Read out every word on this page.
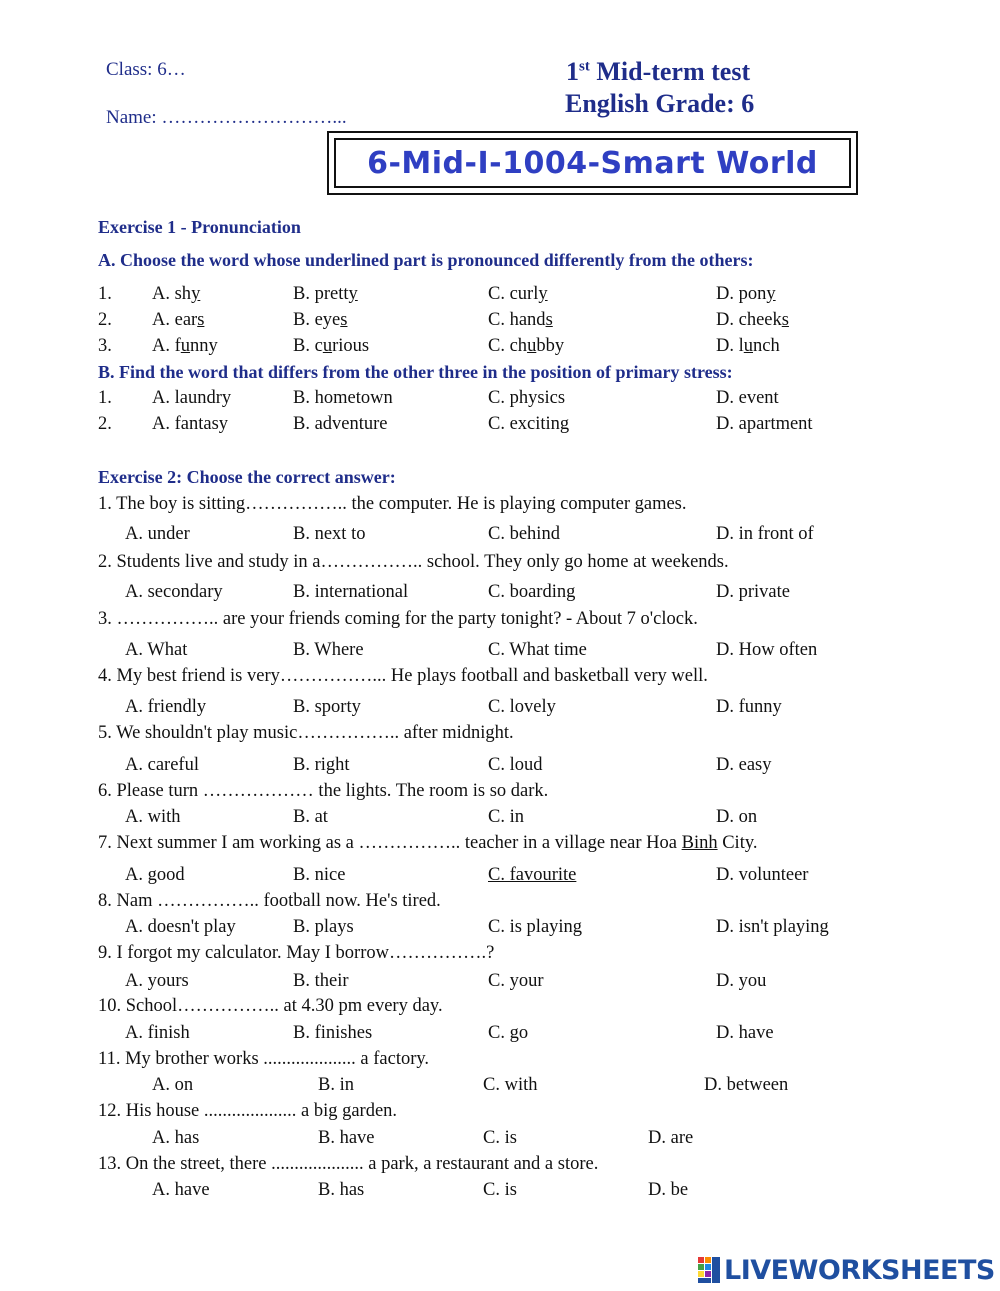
Class: 6…
Name: ………………………...
1st Mid-term test
English Grade: 6
6-Mid-I-1004-Smart World
Exercise 1 - Pronunciation
A. Choose the word whose underlined part is pronounced differently from the others:
1. A. shy	B. pretty	C. curly	D. pony
2. A. ears	B. eyes	C. hands	D. cheeks
3. A. funny	B. curious	C. chubby	D. lunch
B. Find the word that differs from the other three in the position of primary stress:
1. A. laundry	B. hometown	C. physics	D. event
2. A. fantasy	B. adventure	C. exciting	D. apartment
Exercise 2: Choose the correct answer:
1. The boy is sitting…………….. the computer. He is playing computer games.
A. under	B. next to	C. behind	D. in front of
2. Students live and study in a…………….. school. They only go home at weekends.
A. secondary	B. international	C. boarding	D. private
3. …………….. are your friends coming for the party tonight? - About 7 o'clock.
A. What	B. Where	C. What time	D. How often
4. My best friend is very……………... He plays football and basketball very well.
A. friendly	B. sporty	C. lovely	D. funny
5. We shouldn't play music…………….. after midnight.
A. careful	B. right	C. loud	D. easy
6. Please turn ……………… the lights. The room is so dark.
A. with	B. at	C. in	D. on
7. Next summer I am working as a …………….. teacher in a village near Hoa Binh City.
A. good	B. nice	C. favourite	D. volunteer
8. Nam …………….. football now. He's tired.
A. doesn't play	B. plays	C. is playing	D. isn't playing
9. I forgot my calculator. May I borrow…………….?
A. yours	B. their	C. your	D. you
10. School…………….. at 4.30 pm every day.
A. finish	B. finishes	C. go	D. have
11. My brother works .................... a factory.
A. on	B. in	C. with	D. between
12. His house .................... a big garden.
A. has	B. have	C. is	D. are
13. On the street, there .................... a park, a restaurant and a store.
A. have	B. has	C. is	D. be
LIVEWORKSHEETS
